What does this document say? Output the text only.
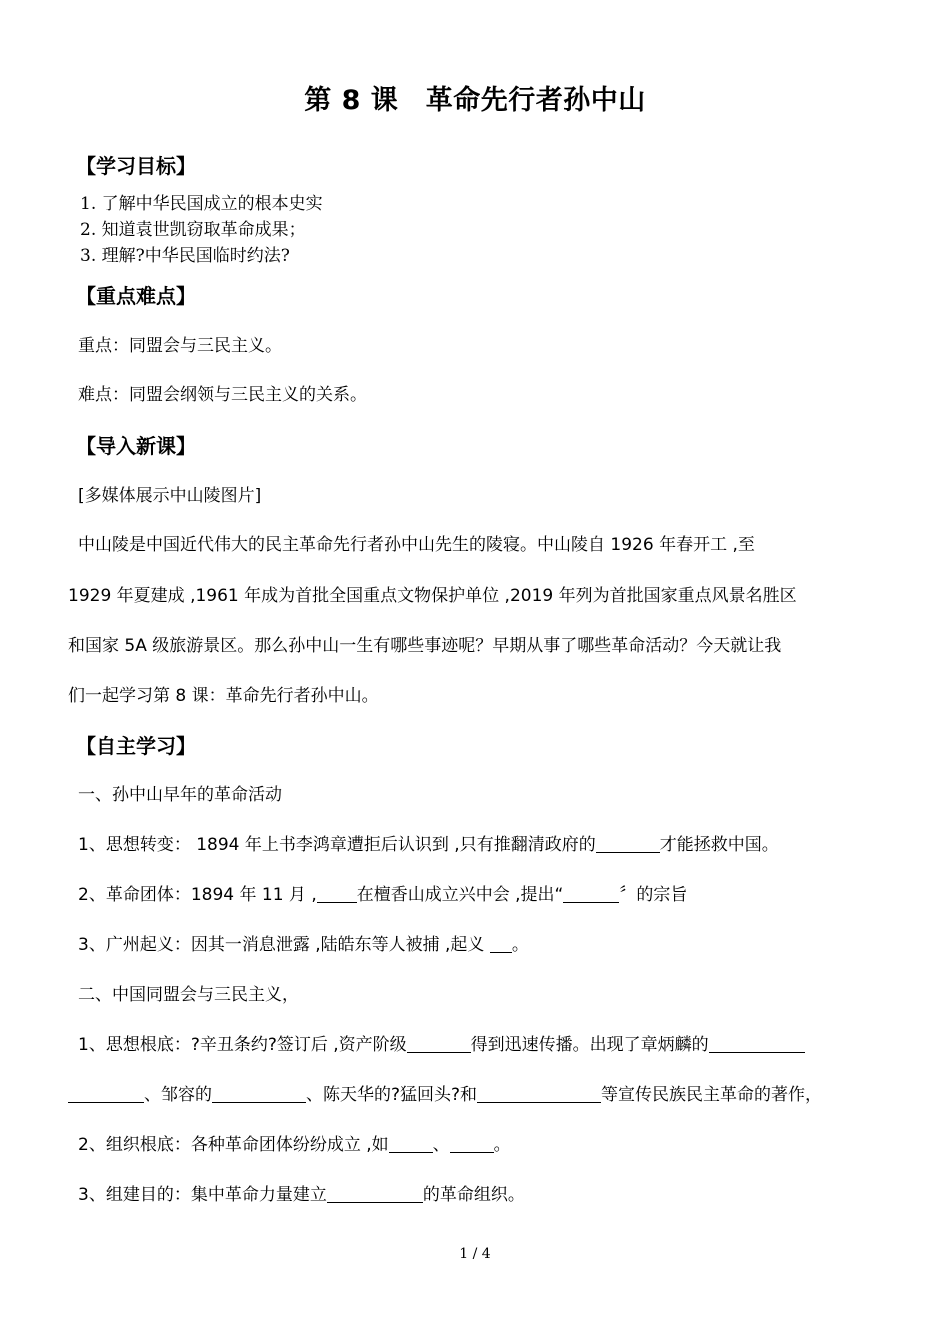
第 8 课　革命先行者孙中山
【学习目标】
1. 了解中华民国成立的根本史实
2. 知道袁世凯窃取革命成果；
3. 理解?中华民国临时约法?
【重点难点】
重点：同盟会与三民主义。
难点：同盟会纲领与三民主义的关系。
【导入新课】
[多媒体展示中山陵图片]
中山陵是中国近代伟大的民主革命先行者孙中山先生的陵寝。中山陵自 1926 年春开工 ,至
1929 年夏建成 ,1961 年成为首批全国重点文物保护单位 ,2019 年列为首批国家重点风景名胜区
和国家 5A 级旅游景区。那么孙中山一生有哪些事迹呢？早期从事了哪些革命活动？今天就让我
们一起学习第 8 课：革命先行者孙中山。
【自主学习】
一、孙中山早年的革命活动
1、思想转变： 1894 年上书李鸿章遭拒后认识到 ,只有推翻清政府的	才能拯救中国。
2、革命团体：1894 年 11 月 , 在檀香山成立兴中会 ,提出“	〞的宗旨
3、广州起义：因其一消息泄露 ,陆皓东等人被捕 ,起义 。
二、中国同盟会与三民主义，
1、思想根底：?辛丑条约?签订后 ,资产阶级	得到迅速传播。出现了章炳麟的
、邹容的	、陈天华的?猛回头?和	等宣传民族民主革命的著作，
2、组织根底：各种革命团体纷纷成立 ,如	、	。
3、组建目的：集中革命力量建立	的革命组织。
1 / 4
